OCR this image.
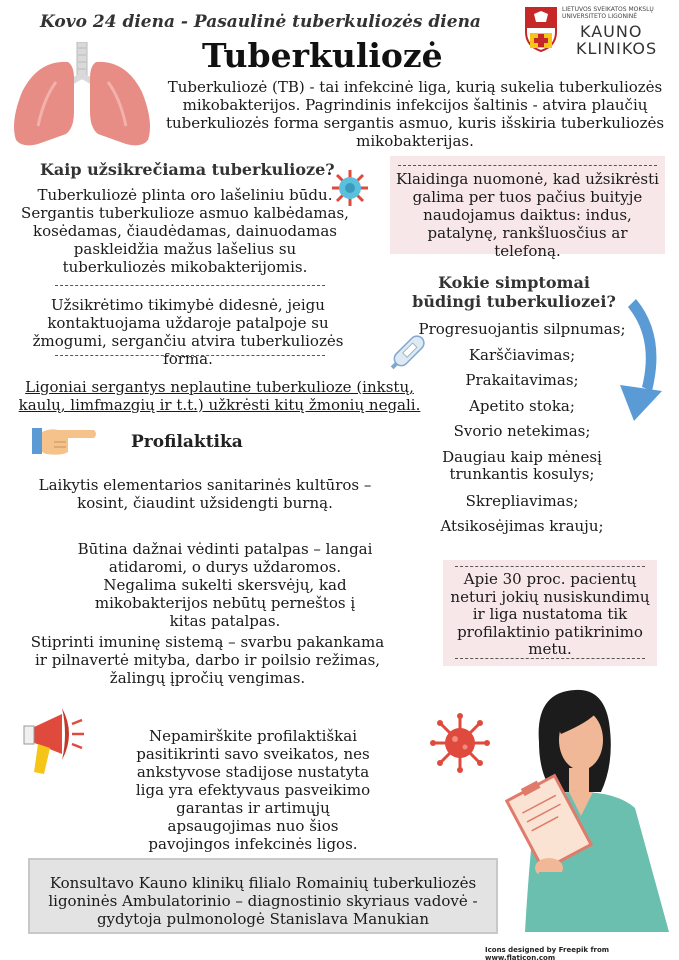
Kovo 24 diena - Pasaulinė tuberkuliozės diena
LIETUVOS SVEIKATOS MOKSLŲ
UNIVERSITETO LIGONINĖ
KAUNO
KLINIKOS
Tuberkuliozė
Tuberkuliozė (TB) - tai infekcinė liga, kurią sukelia tuberkuliozės mikobakterijos. Pagrindinis infekcijos šaltinis - atvira plaučių tuberkuliozės forma sergantis asmuo, kuris išskiria tuberkuliozės mikobakterijas.
Kaip užsikrečiama tuberkulioze?
Tuberkuliozė plinta oro lašeliniu būdu. Sergantis tuberkulioze asmuo kalbėdamas, kosėdamas, čiaudėdamas, dainuodamas paskleidžia mažus lašelius su tuberkuliozės mikobakterijomis.
Užsikrėtimo tikimybė didesnė, jeigu kontaktuojama uždaroje patalpoje su žmogumi, sergančiu atvira tuberkuliozės forma.
Ligoniai sergantys neplautine tuberkulioze (inkstų, kaulų, limfmazgių ir t.t.) užkrėsti kitų žmonių negali.
Klaidinga nuomonė, kad užsikrėsti galima per tuos pačius buityje naudojamus daiktus: indus, patalynę, rankšluosčius ar telefoną.
Kokie simptomai būdingi tuberkuliozei?
Progresuojantis silpnumas;
Karščiavimas;
Prakaitavimas;
Apetito stoka;
Svorio netekimas;
Daugiau kaip mėnesį trunkantis kosulys;
Skrepliavimas;
Atsikosėjimas krauju;
Apie 30 proc. pacientų neturi jokių nusiskundimų ir liga nustatoma tik profilaktinio patikrinimo metu.
Profilaktika
Laikytis elementarios sanitarinės kultūros – kosint, čiaudint užsidengti burną.
Būtina dažnai vėdinti patalpas – langai atidaromi, o durys uždaromos. Negalima sukelti skersvėjų, kad mikobakterijos nebūtų perneštos į kitas patalpas.
Stiprinti imuninę sistemą – svarbu pakankama ir pilnavertė mityba, darbo ir poilsio režimas, žalingų įpročių vengimas.
Nepamirškite profilaktiškai pasitikrinti savo sveikatos, nes ankstyvose stadijose nustatyta liga yra efektyvaus pasveikimo garantas ir artimųjų apsaugojimas nuo šios pavojingos infekcinės ligos.
Konsultavo Kauno klinikų filialo Romainių tuberkuliozės ligoninės Ambulatorinio – diagnostinio skyriaus vadovė - gydytoja pulmonologė Stanislava Manukian
Icons designed by Freepik from www.flaticon.com
